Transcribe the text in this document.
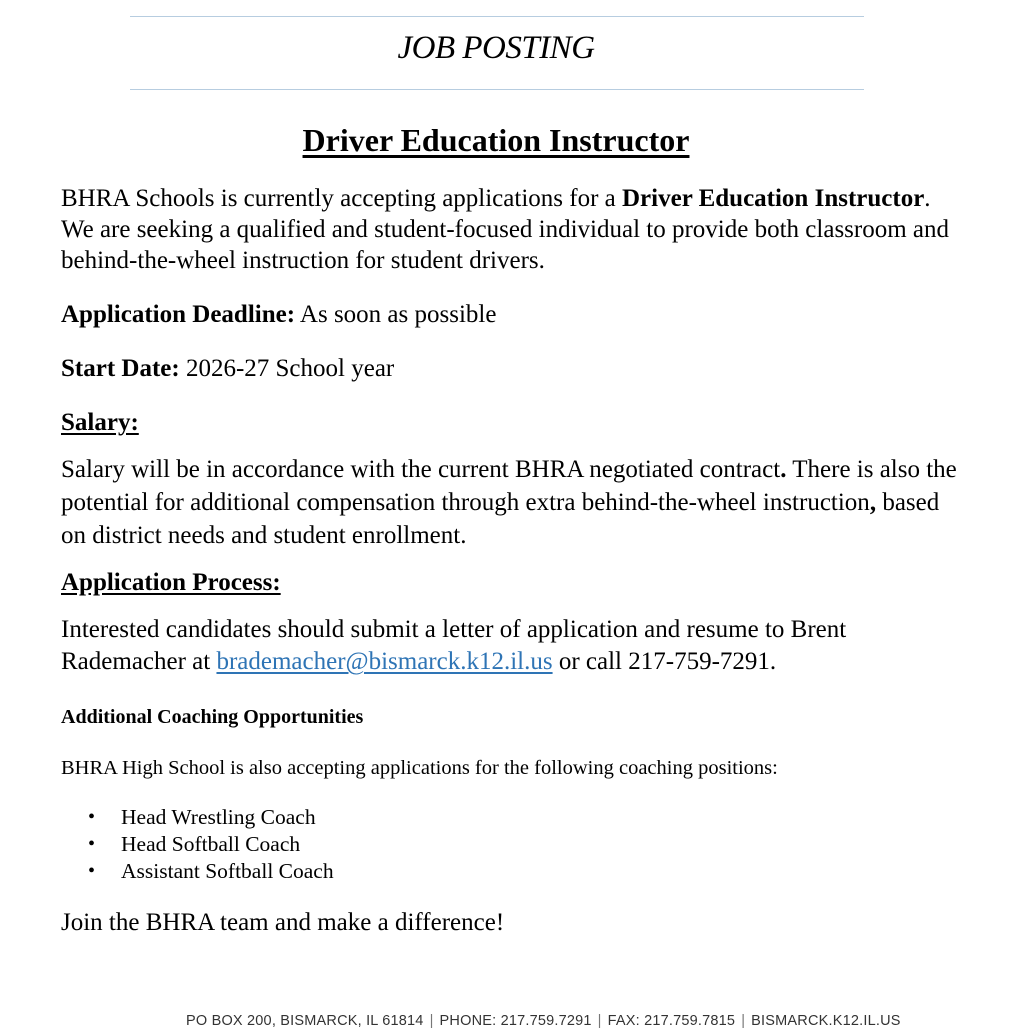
JOB POSTING
Driver Education Instructor
BHRA Schools is currently accepting applications for a Driver Education Instructor. We are seeking a qualified and student-focused individual to provide both classroom and behind-the-wheel instruction for student drivers.
Application Deadline: As soon as possible
Start Date: 2026-27 School year
Salary:
Salary will be in accordance with the current BHRA negotiated contract. There is also the potential for additional compensation through extra behind-the-wheel instruction, based on district needs and student enrollment.
Application Process:
Interested candidates should submit a letter of application and resume to Brent Rademacher at brademacher@bismarck.k12.il.us or call 217-759-7291.
Additional Coaching Opportunities
BHRA High School is also accepting applications for the following coaching positions:
• Head Wrestling Coach
• Head Softball Coach
• Assistant Softball Coach
Join the BHRA team and make a difference!
PO BOX 200, BISMARCK, IL 61814 | PHONE: 217.759.7291 | FAX: 217.759.7815 | BISMARCK.K12.IL.US
